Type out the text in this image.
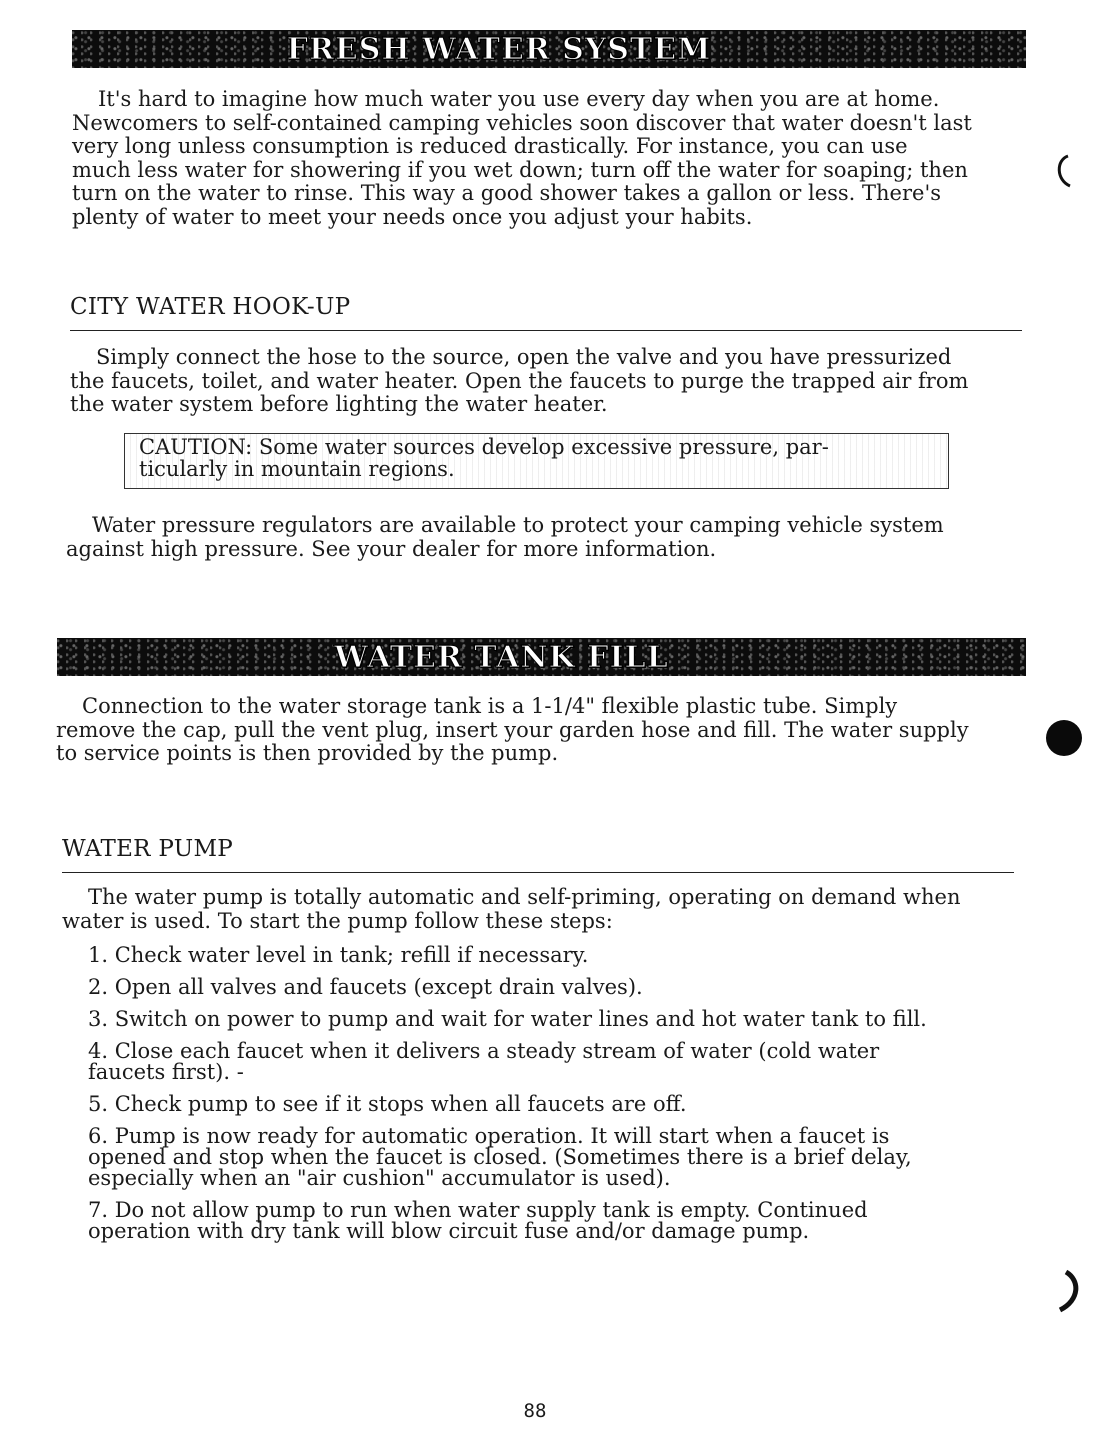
FRESH WATER SYSTEM
It's hard to imagine how much water you use every day when you are at home.
Newcomers to self-contained camping vehicles soon discover that water doesn't last
very long unless consumption is reduced drastically. For instance, you can use
much less water for showering if you wet down; turn off the water for soaping; then
turn on the water to rinse. This way a good shower takes a gallon or less. There's
plenty of water to meet your needs once you adjust your habits.
CITY WATER HOOK-UP
Simply connect the hose to the source, open the valve and you have pressurized
the faucets, toilet, and water heater. Open the faucets to purge the trapped air from
the water system before lighting the water heater.
CAUTION: Some water sources develop excessive pressure, par-
ticularly in mountain regions.
Water pressure regulators are available to protect your camping vehicle system
against high pressure. See your dealer for more information.
WATER TANK FILL
Connection to the water storage tank is a 1-1/4" flexible plastic tube. Simply
remove the cap, pull the vent plug, insert your garden hose and fill. The water supply
to service points is then provided by the pump.
WATER PUMP
The water pump is totally automatic and self-priming, operating on demand when
water is used. To start the pump follow these steps:
1. Check water level in tank; refill if necessary.
2. Open all valves and faucets (except drain valves).
3. Switch on power to pump and wait for water lines and hot water tank to fill.
4. Close each faucet when it delivers a steady stream of water (cold water
faucets first). -
5. Check pump to see if it stops when all faucets are off.
6. Pump is now ready for automatic operation. It will start when a faucet is
opened and stop when the faucet is closed. (Sometimes there is a brief delay,
especially when an "air cushion" accumulator is used).
7. Do not allow pump to run when water supply tank is empty. Continued
operation with dry tank will blow circuit fuse and/or damage pump.
88
